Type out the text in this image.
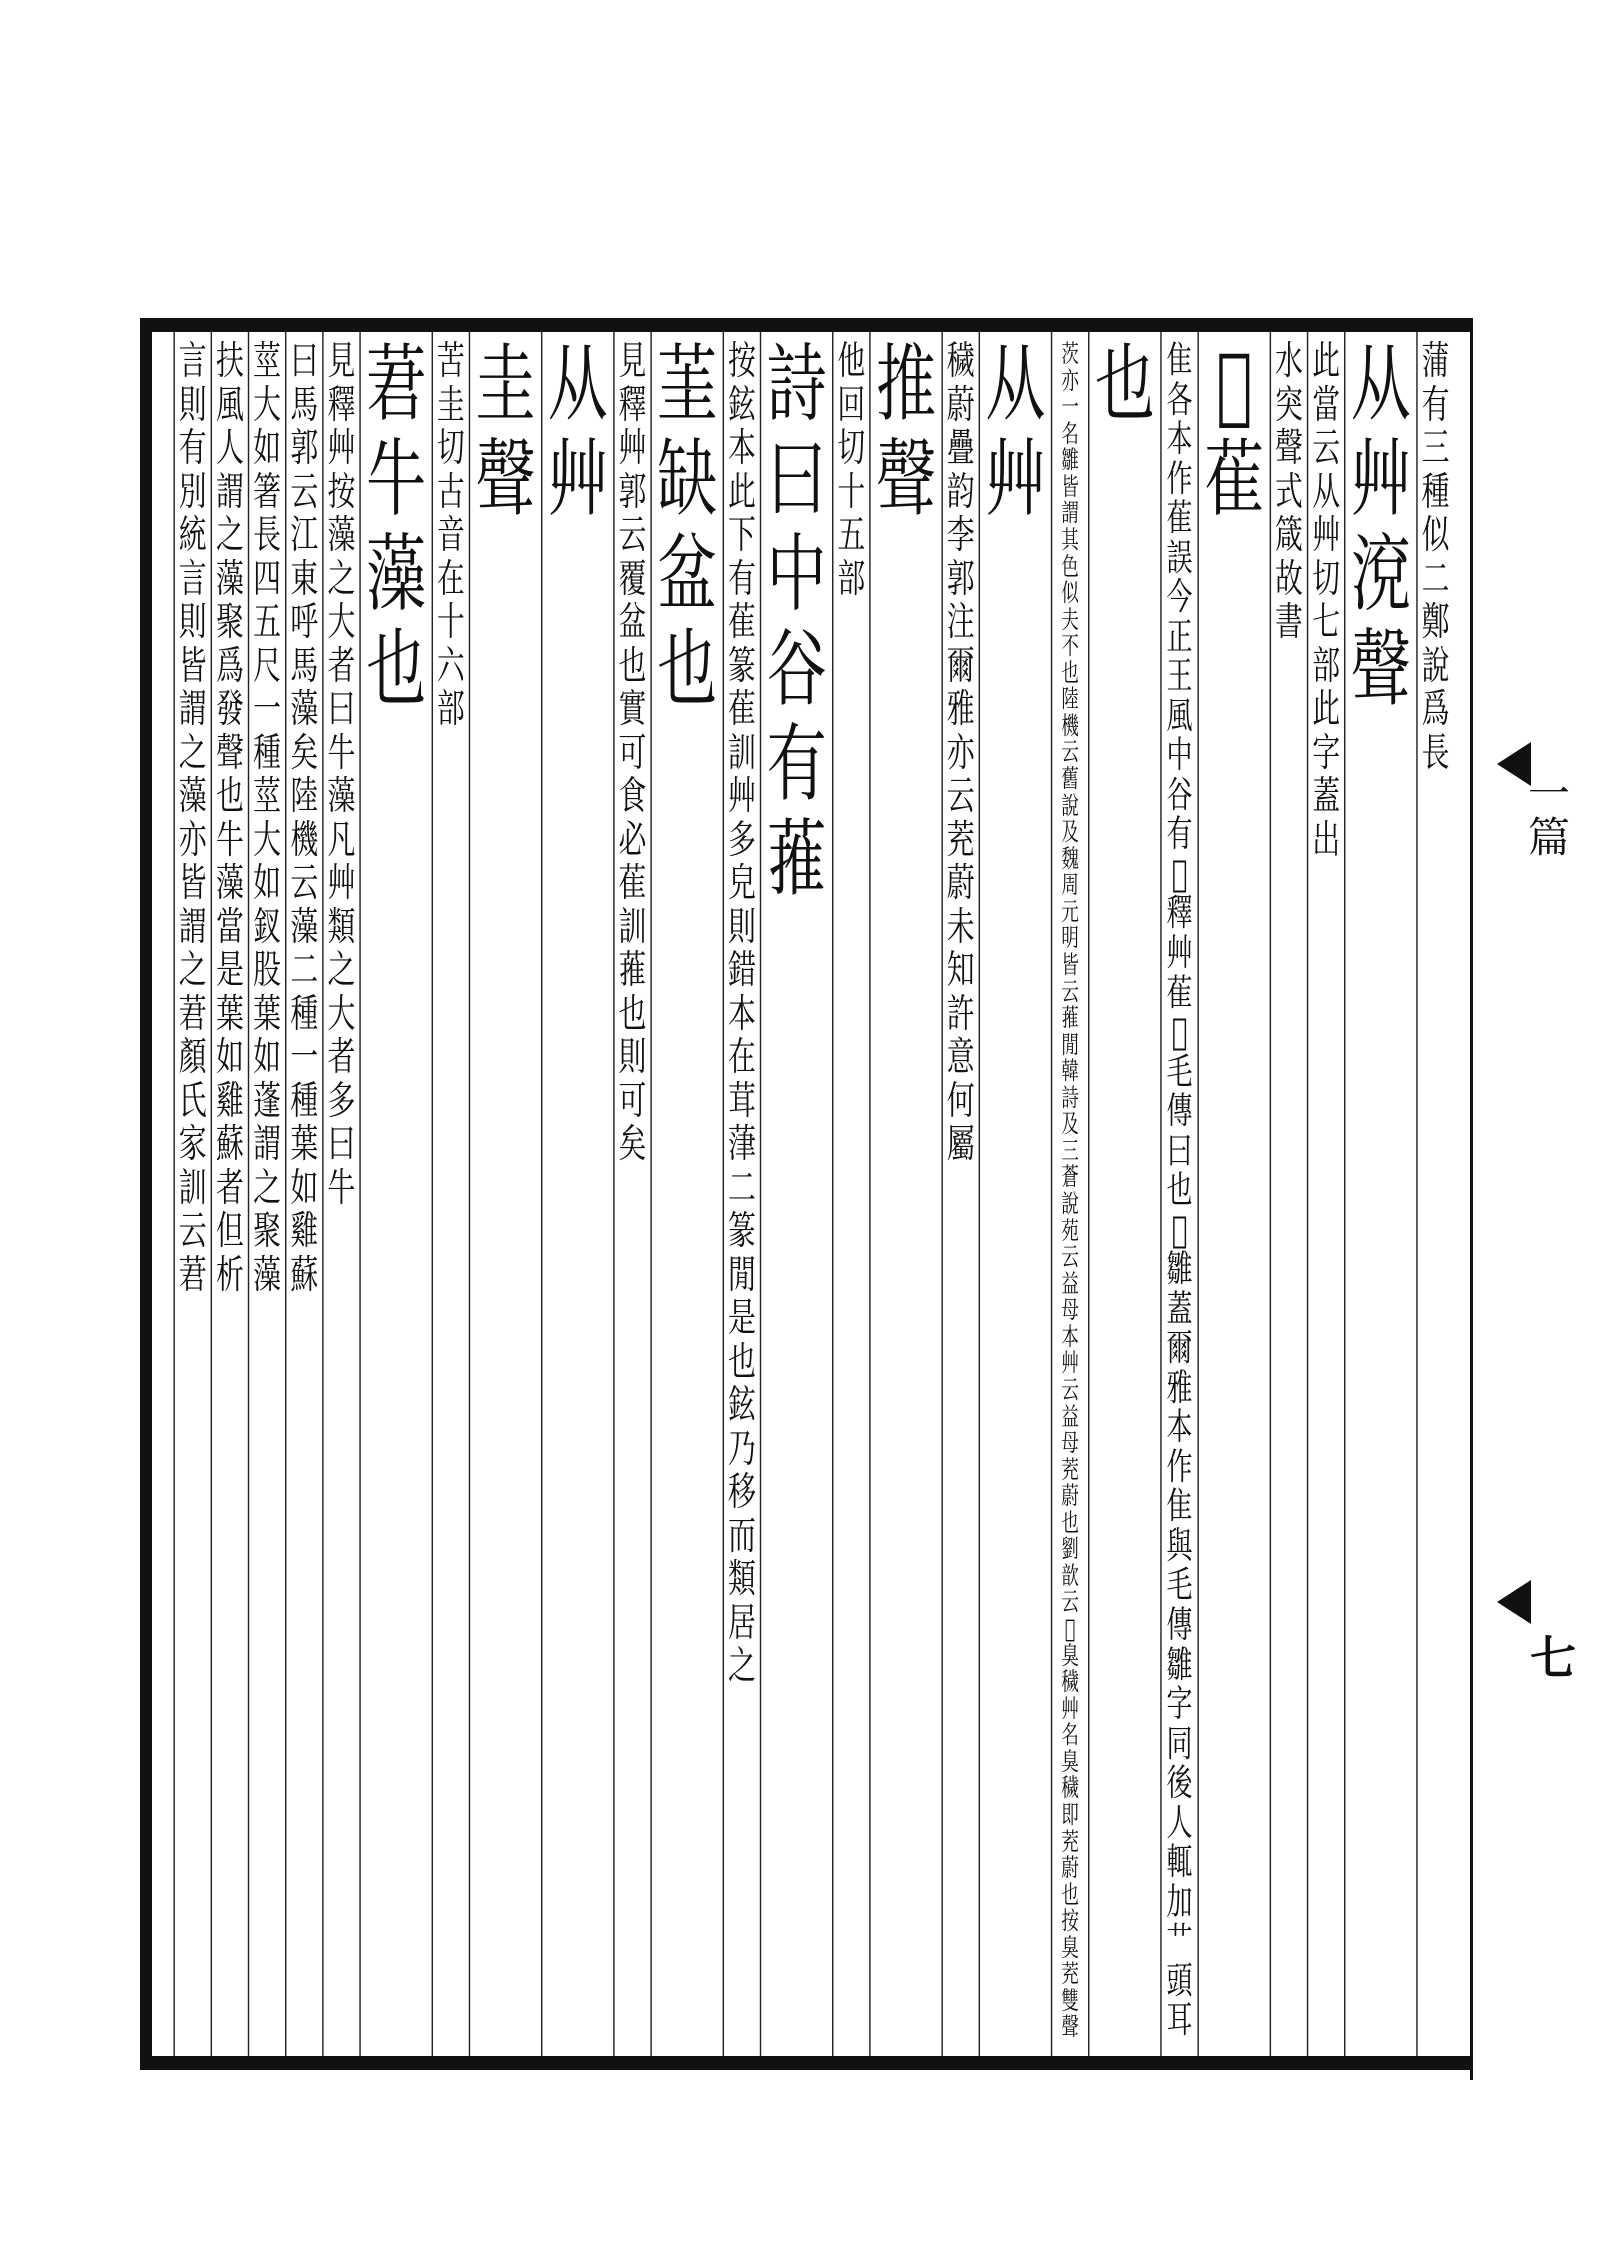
蒲
有
三
種
似
二
鄭
說
爲
長
从
艸
渷
聲
此
當
云
从
艸
切
七
部
此
字
蓋
出
水
突
聲
式
箴
故
書
𦽵
萑
隹
各
本
作
萑
誤
今
正
王
風
中
谷
有
𦽵
釋
艸
萑
𦽵
毛
傳
曰
也
𦽵
雛
蓋
爾
雅
本
作
隹
與
毛
傳
雛
字
同
後
人
輒
加
艹
頭
耳
也
茨
亦
一
名
雛
皆
謂
其
色
似
夫
不
也
陸
機
云
舊
說
及
魏
周
元
明
皆
云
蓷
閒
韓
詩
及
三
蒼
說
苑
云
益
母
本
艸
云
益
母
茺
蔚
也
劉
歆
云
𦽵
臭
穢
艸
名
臭
穢
即
茺
蔚
也
按
臭
茺
雙
聲
从
艸
穢
蔚
疊
韵
李
郭
注
爾
雅
亦
云
茺
蔚
未
知
許
意
何
屬
推
聲
他
回
切
十
五
部
詩
曰
中
谷
有
蓷
按
鉉
本
此
下
有
萑
篆
萑
訓
艸
多
皃
則
錯
本
在
茸
葏
二
篆
閒
是
也
鉉
乃
移
而
類
居
之
茥
缺
盆
也
見
釋
艸
郭
云
覆
盆
也
實
可
食
必
萑
訓
蓷
也
則
可
矣
从
艸
圭
聲
苦
圭
切
古
音
在
十
六
部
莙
牛
藻
也
見
釋
艸
按
藻
之
大
者
曰
牛
藻
凡
艸
類
之
大
者
多
曰
牛
曰
馬
郭
云
江
東
呼
馬
藻
矣
陸
機
云
藻
二
種
一
種
葉
如
雞
蘇
莖
大
如
箸
長
四
五
尺
一
種
莖
大
如
釵
股
葉
如
蓬
謂
之
聚
藻
扶
風
人
謂
之
藻
聚
爲
發
聲
也
牛
藻
當
是
葉
如
雞
蘇
者
但
析
言
則
有
別
統
言
則
皆
謂
之
藻
亦
皆
謂
之
莙
顏
氏
家
訓
云
莙
一
篇
七
